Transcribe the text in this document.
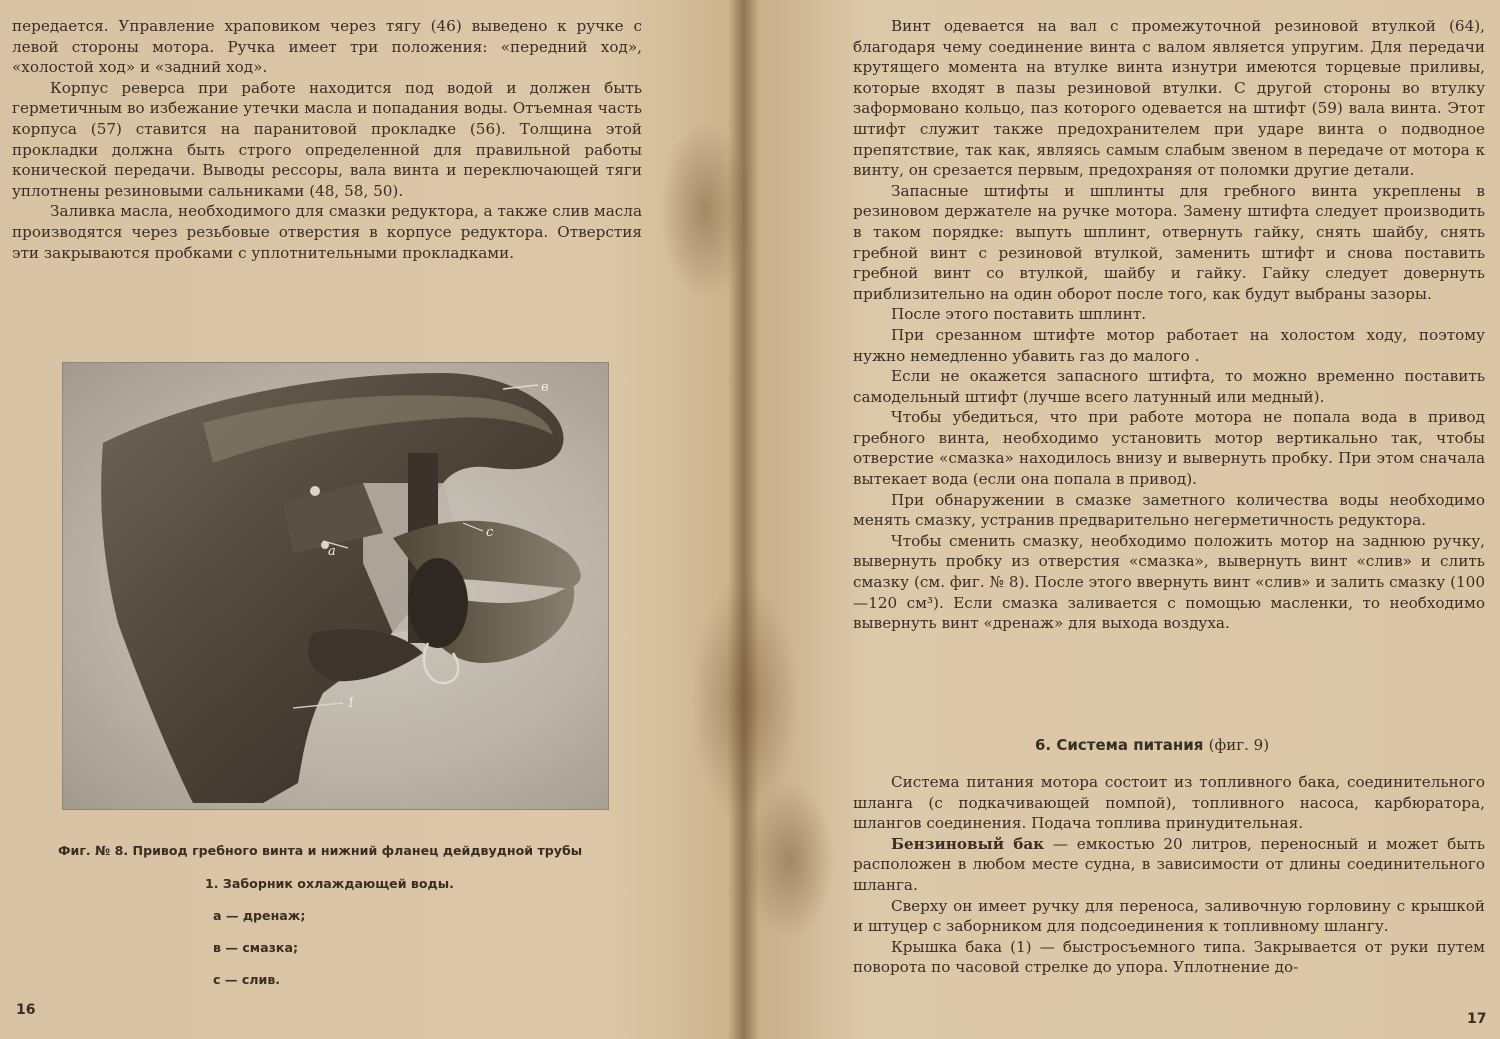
передается. Управление храповиком через тягу (46) выведено к ручке с левой стороны мотора. Ручка имеет три положения: «передний ход», «холостой ход» и «задний ход».

Корпус реверса при работе находится под водой и должен быть герметичным во избежание утечки масла и попадания воды. Отъемная часть корпуса (57) ставится на паранитовой прокладке (56). Толщина этой прокладки должна быть строго определенной для правильной работы конической передачи. Выводы рессоры, вала винта и переключающей тяги уплотнены резиновыми сальниками (48, 58, 50).

Заливка масла, необходимого для смазки редуктора, а также слив масла производятся через резьбовые отверстия в корпусе редуктора. Отверстия эти закрываются пробками с уплотнительными прокладками.

в
а
с
1
Фиг. № 8. Привод гребного винта и нижний фланец дейдвудной трубы
1. Заборник охлаждающей воды.
а — дренаж;
в — смазка;
с — слив.
16

Винт одевается на вал с промежуточной резиновой втулкой (64), благодаря чему соединение винта с валом является упругим. Для передачи крутящего момента на втулке винта изнутри имеются торцевые приливы, которые входят в пазы резиновой втулки. С другой стороны во втулку заформовано кольцо, паз которого одевается на штифт (59) вала винта. Этот штифт служит также предохранителем при ударе винта о подводное препятствие, так как, являясь самым слабым звеном в передаче от мотора к винту, он срезается первым, предохраняя от поломки другие детали.

Запасные штифты и шплинты для гребного винта укреплены в резиновом держателе на ручке мотора. Замену штифта следует производить в таком порядке: выпуть шплинт, отвернуть гайку, снять шайбу, снять гребной винт с резиновой втулкой, заменить штифт и снова поставить гребной винт со втулкой, шайбу и гайку. Гайку следует довернуть приблизительно на один оборот после того, как будут выбраны зазоры.

После этого поставить шплинт.

При срезанном штифте мотор работает на холостом ходу, поэтому нужно немедленно убавить газ до малого .

Если не окажется запасного штифта, то можно временно поставить самодельный штифт (лучше всего латунный или медный).

Чтобы убедиться, что при работе мотора не попала вода в привод гребного винта, необходимо установить мотор вертикально так, чтобы отверстие «смазка» находилось внизу и вывернуть пробку. При этом сначала вытекает вода (если она попала в привод).

При обнаружении в смазке заметного количества воды необходимо менять смазку, устранив предварительно негерметичность редуктора.

Чтобы сменить смазку, необходимо положить мотор на заднюю ручку, вывернуть пробку из отверстия «смазка», вывернуть винт «слив» и слить смазку (см. фиг. № 8). После этого ввернуть винт «слив» и залить смазку (100—120 см³). Если смазка заливается с помощью масленки, то необходимо вывернуть винт «дренаж» для выхода воздуха.

Система питания мотора состоит из топливного бака, соединительного шланга (с подкачивающей помпой), топливного насоса, карбюратора, шлангов соединения. Подача топлива принудительная.

Бензиновый бак — емкостью 20 литров, переносный и может быть расположен в любом месте судна, в зависимости от длины соединительного шланга.

Сверху он имеет ручку для переноса, заливочную горловину с крышкой и штуцер с заборником для подсоединения к топливному шлангу.

Крышка бака (1) — быстросъемного типа. Закрывается от руки путем поворота по часовой стрелке до упора. Уплотнение до-

17
6. Система питания (фиг. 9)
